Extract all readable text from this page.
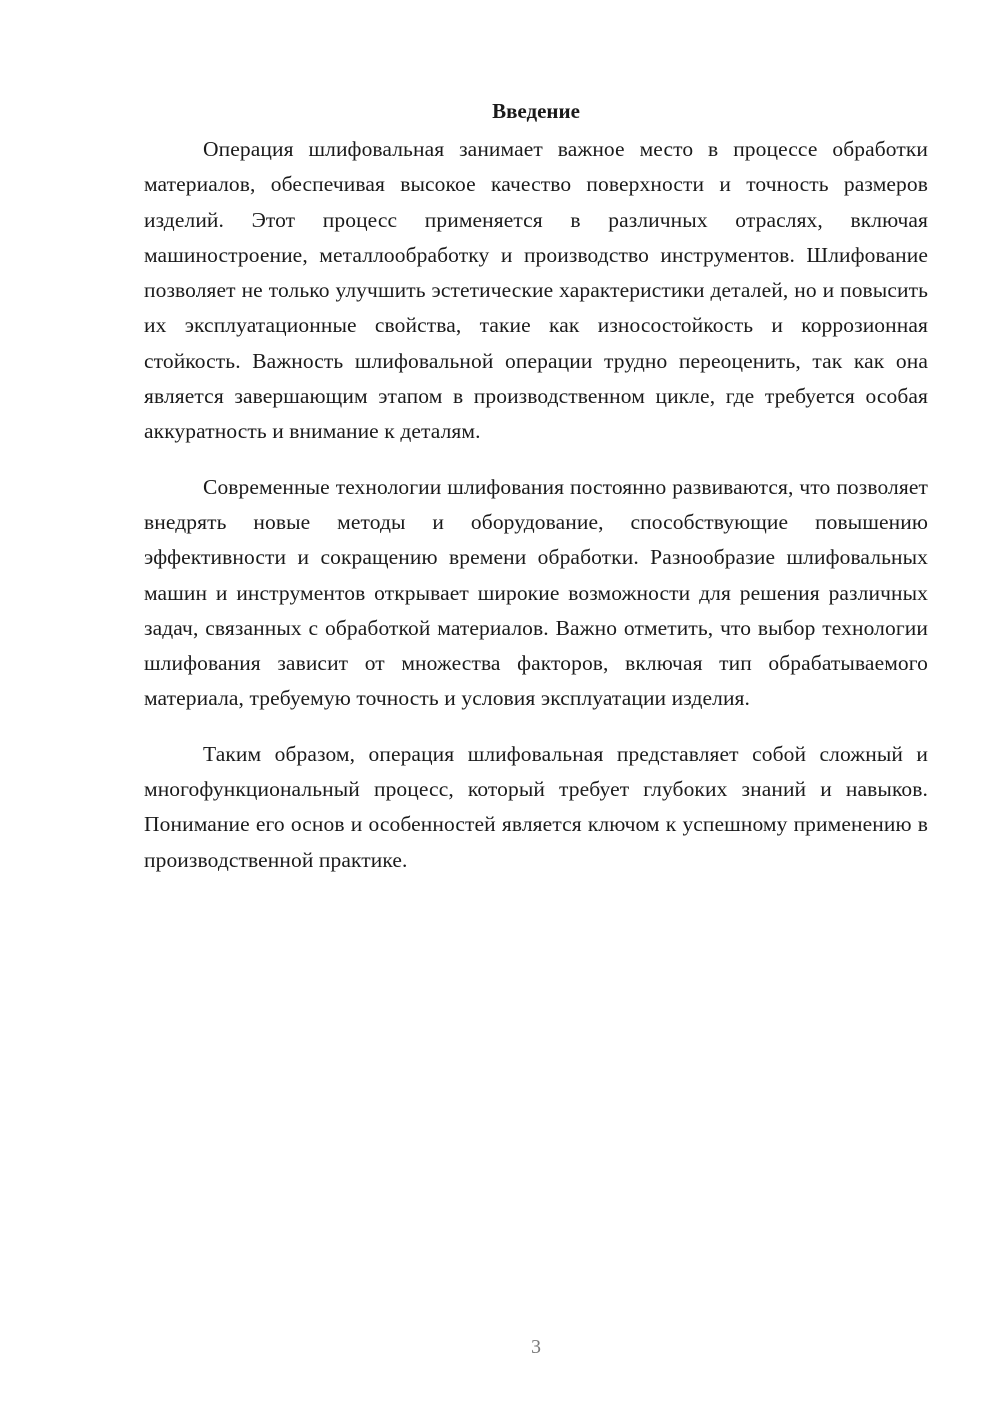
Введение

Операция шлифовальная занимает важное место в процессе обработки материалов, обеспечивая высокое качество поверхности и точность размеров изделий. Этот процесс применяется в различных отраслях, включая машиностроение, металлообработку и производство инструментов. Шлифование позволяет не только улучшить эстетические характеристики деталей, но и повысить их эксплуатационные свойства, такие как износостойкость и коррозионная стойкость. Важность шлифовальной операции трудно переоценить, так как она является завершающим этапом в производственном цикле, где требуется особая аккуратность и внимание к деталям.

Современные технологии шлифования постоянно развиваются, что позволяет внедрять новые методы и оборудование, способствующие повышению эффективности и сокращению времени обработки. Разнообразие шлифовальных машин и инструментов открывает широкие возможности для решения различных задач, связанных с обработкой материалов. Важно отметить, что выбор технологии шлифования зависит от множества факторов, включая тип обрабатываемого материала, требуемую точность и условия эксплуатации изделия.

Таким образом, операция шлифовальная представляет собой сложный и многофункциональный процесс, который требует глубоких знаний и навыков. Понимание его основ и особенностей является ключом к успешному применению в производственной практике.

3
